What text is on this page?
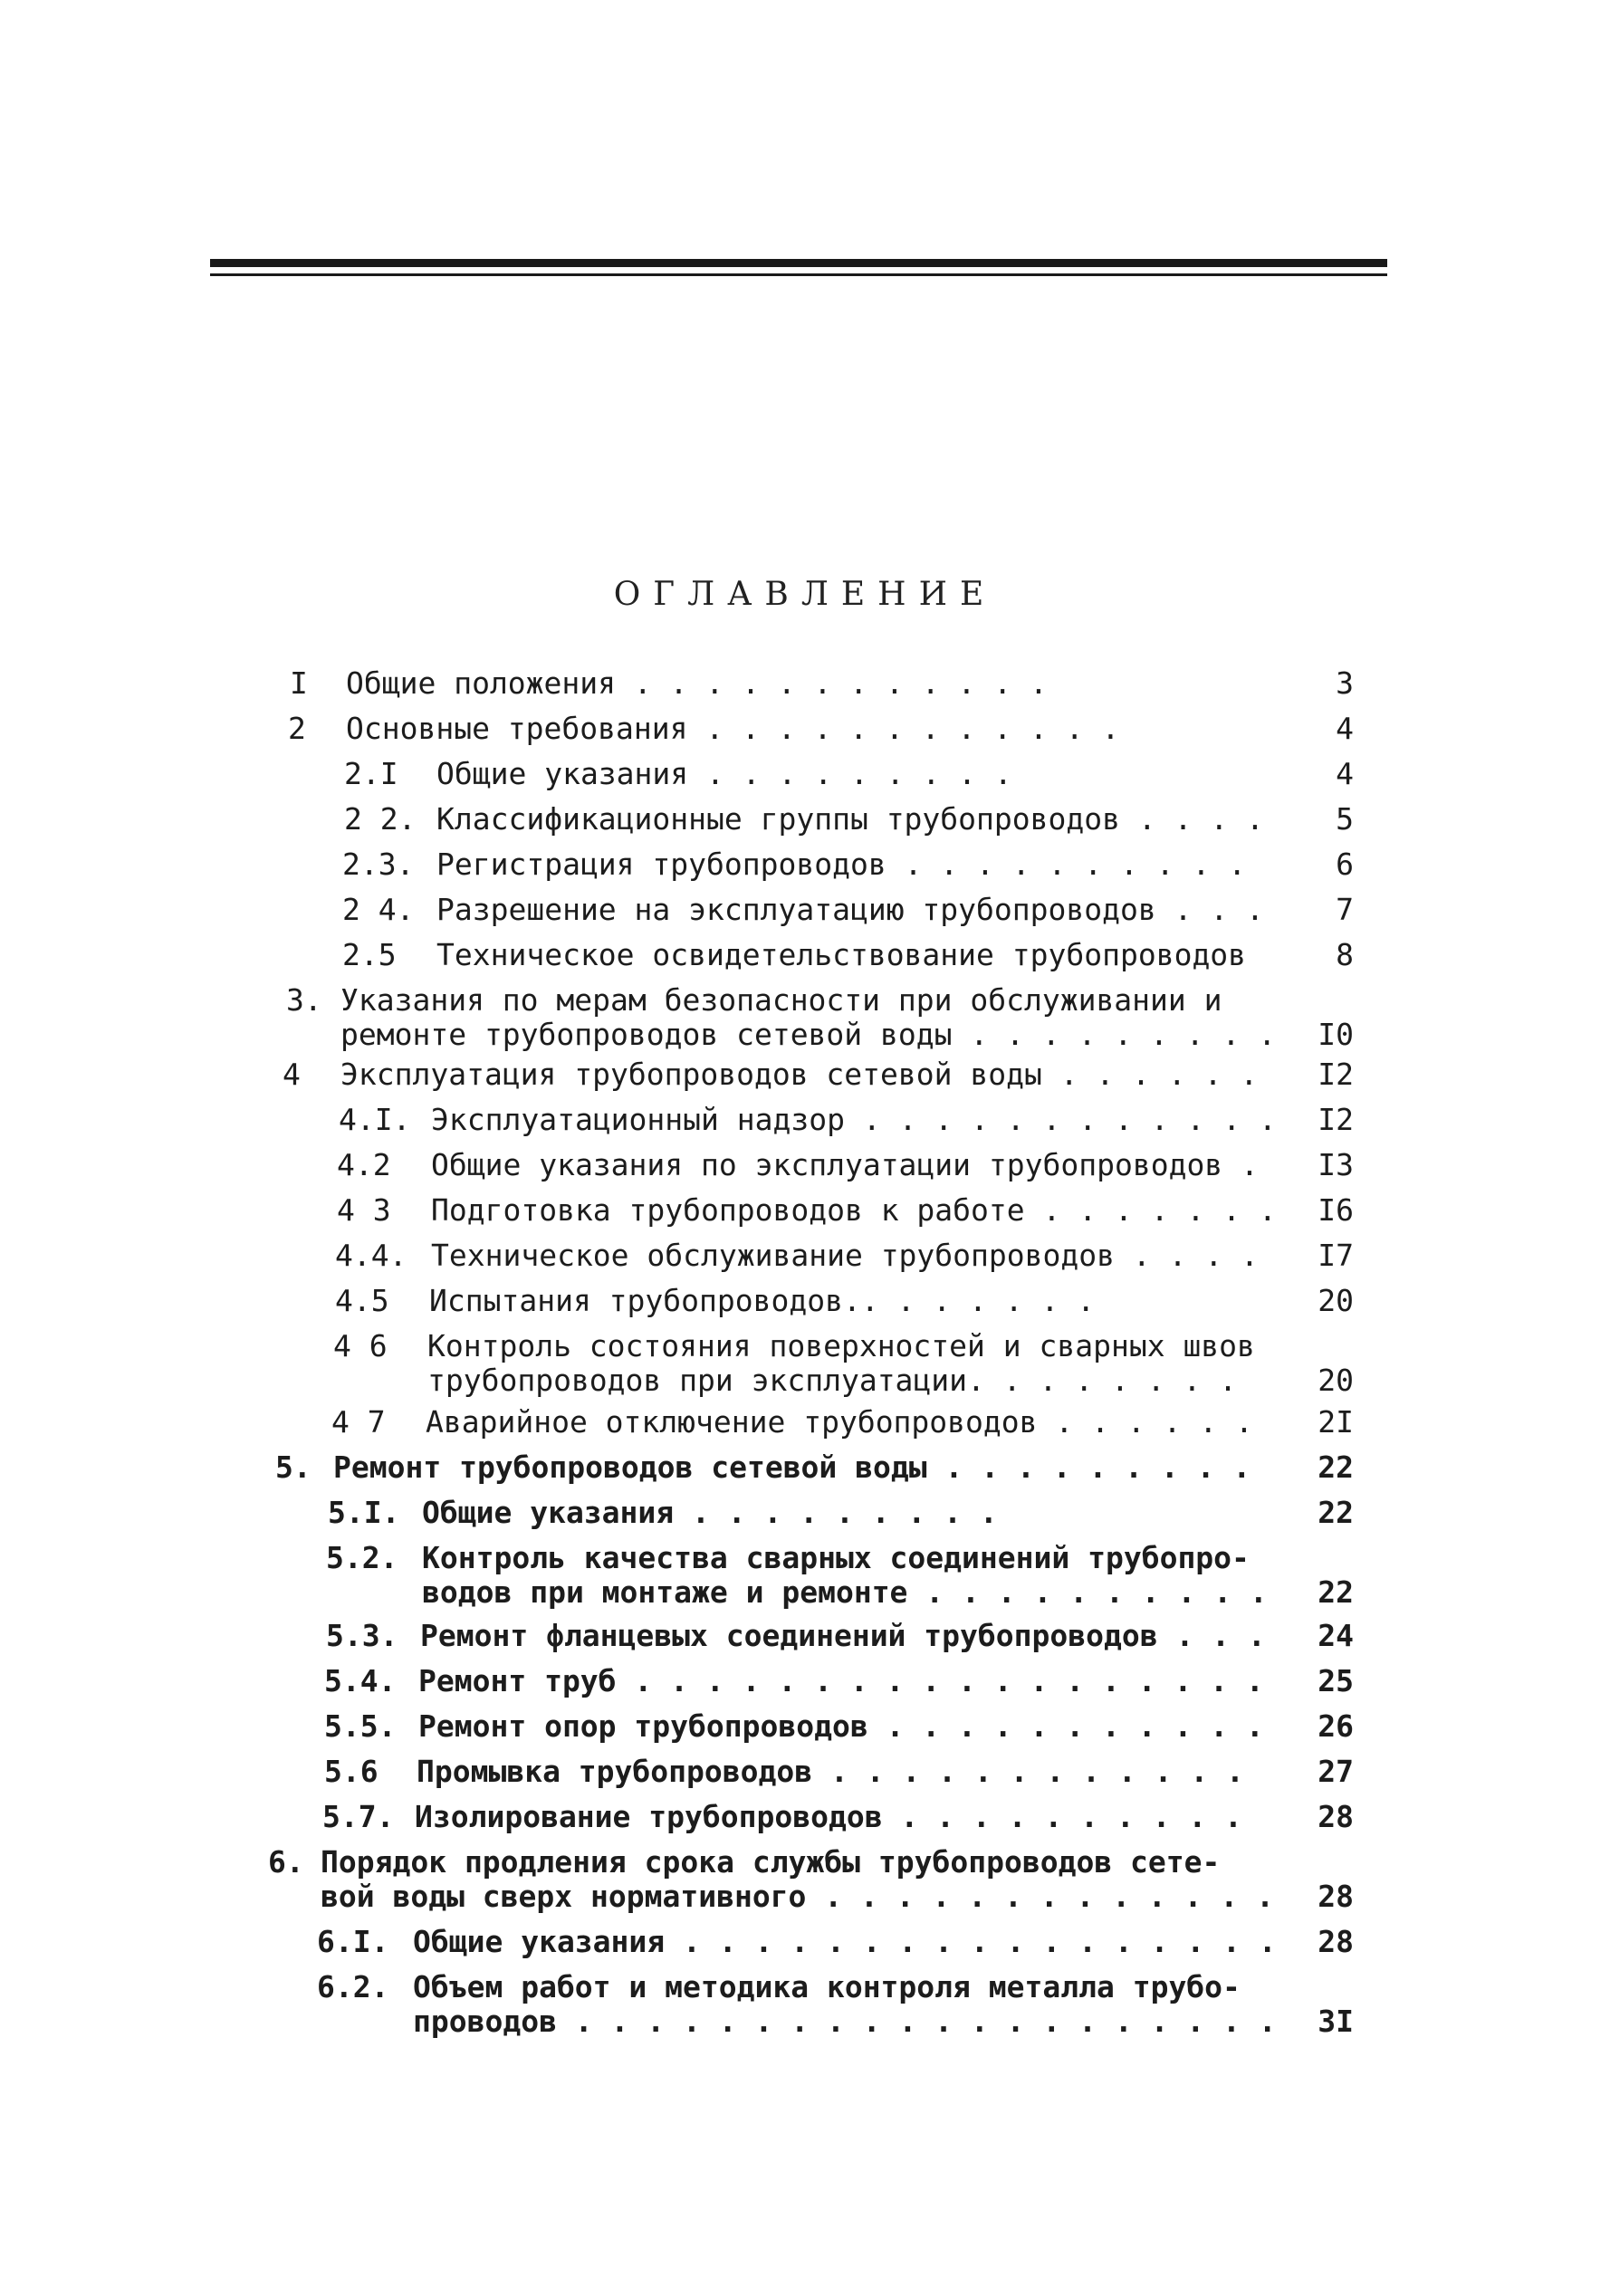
ОГЛАВЛЕНИЕ
I Общие положения . . . . . . . . . . . .	3
2 Основные требования . . . . . . . . . . . .	4
2.I Общие указания . . . . . . . . .	4
2 2. Классификационные группы трубопроводов . . . .	5
2.3. Регистрация трубопроводов . . . . . . . . . .	6
2 4. Разрешение на эксплуатацию трубопроводов . . .	7
2.5 Техническое освидетельствование трубопроводов	8
3. Указания по мерам безопасности при обслуживании и
ремонте трубопроводов сетевой воды . . . . . . . . .	I0
4 Эксплуатация трубопроводов сетевой воды . . . . . .	I2
4.I. Эксплуатационный надзор . . . . . . . . . . . .	I2
4.2 Общие указания по эксплуатации трубопроводов .	I3
4 3 Подготовка трубопроводов к работе . . . . . . .	I6
4.4. Техническое обслуживание трубопроводов . . . .	I7
4.5 Испытания трубопроводов.. . . . . . .	20
4 6 Контроль состояния поверхностей и сварных швов
трубопроводов при эксплуатации. . . . . . . .	20
4 7 Аварийное отключение трубопроводов . . . . . .	2I
5. Ремонт трубопроводов сетевой воды . . . . . . . . .	22
5.I. Общие указания . . . . . . . . .	22
5.2. Контроль качества сварных соединений трубопро-
водов при монтаже и ремонте . . . . . . . . . .	22
5.3. Ремонт фланцевых соединений трубопроводов . . .	24
5.4. Ремонт труб . . . . . . . . . . . . . . . . . .	25
5.5. Ремонт опор трубопроводов . . . . . . . . . . .	26
5.6 Промывка трубопроводов . . . . . . . . . . . .	27
5.7. Изолирование трубопроводов . . . . . . . . . .	28
6. Порядок продления срока службы трубопроводов сете-
вой воды сверх нормативного . . . . . . . . . . . . .	28
6.I. Общие указания . . . . . . . . . . . . . . . . .	28
6.2. Объем работ и методика контроля металла трубо-
проводов . . . . . . . . . . . . . . . . . . . .	3I
